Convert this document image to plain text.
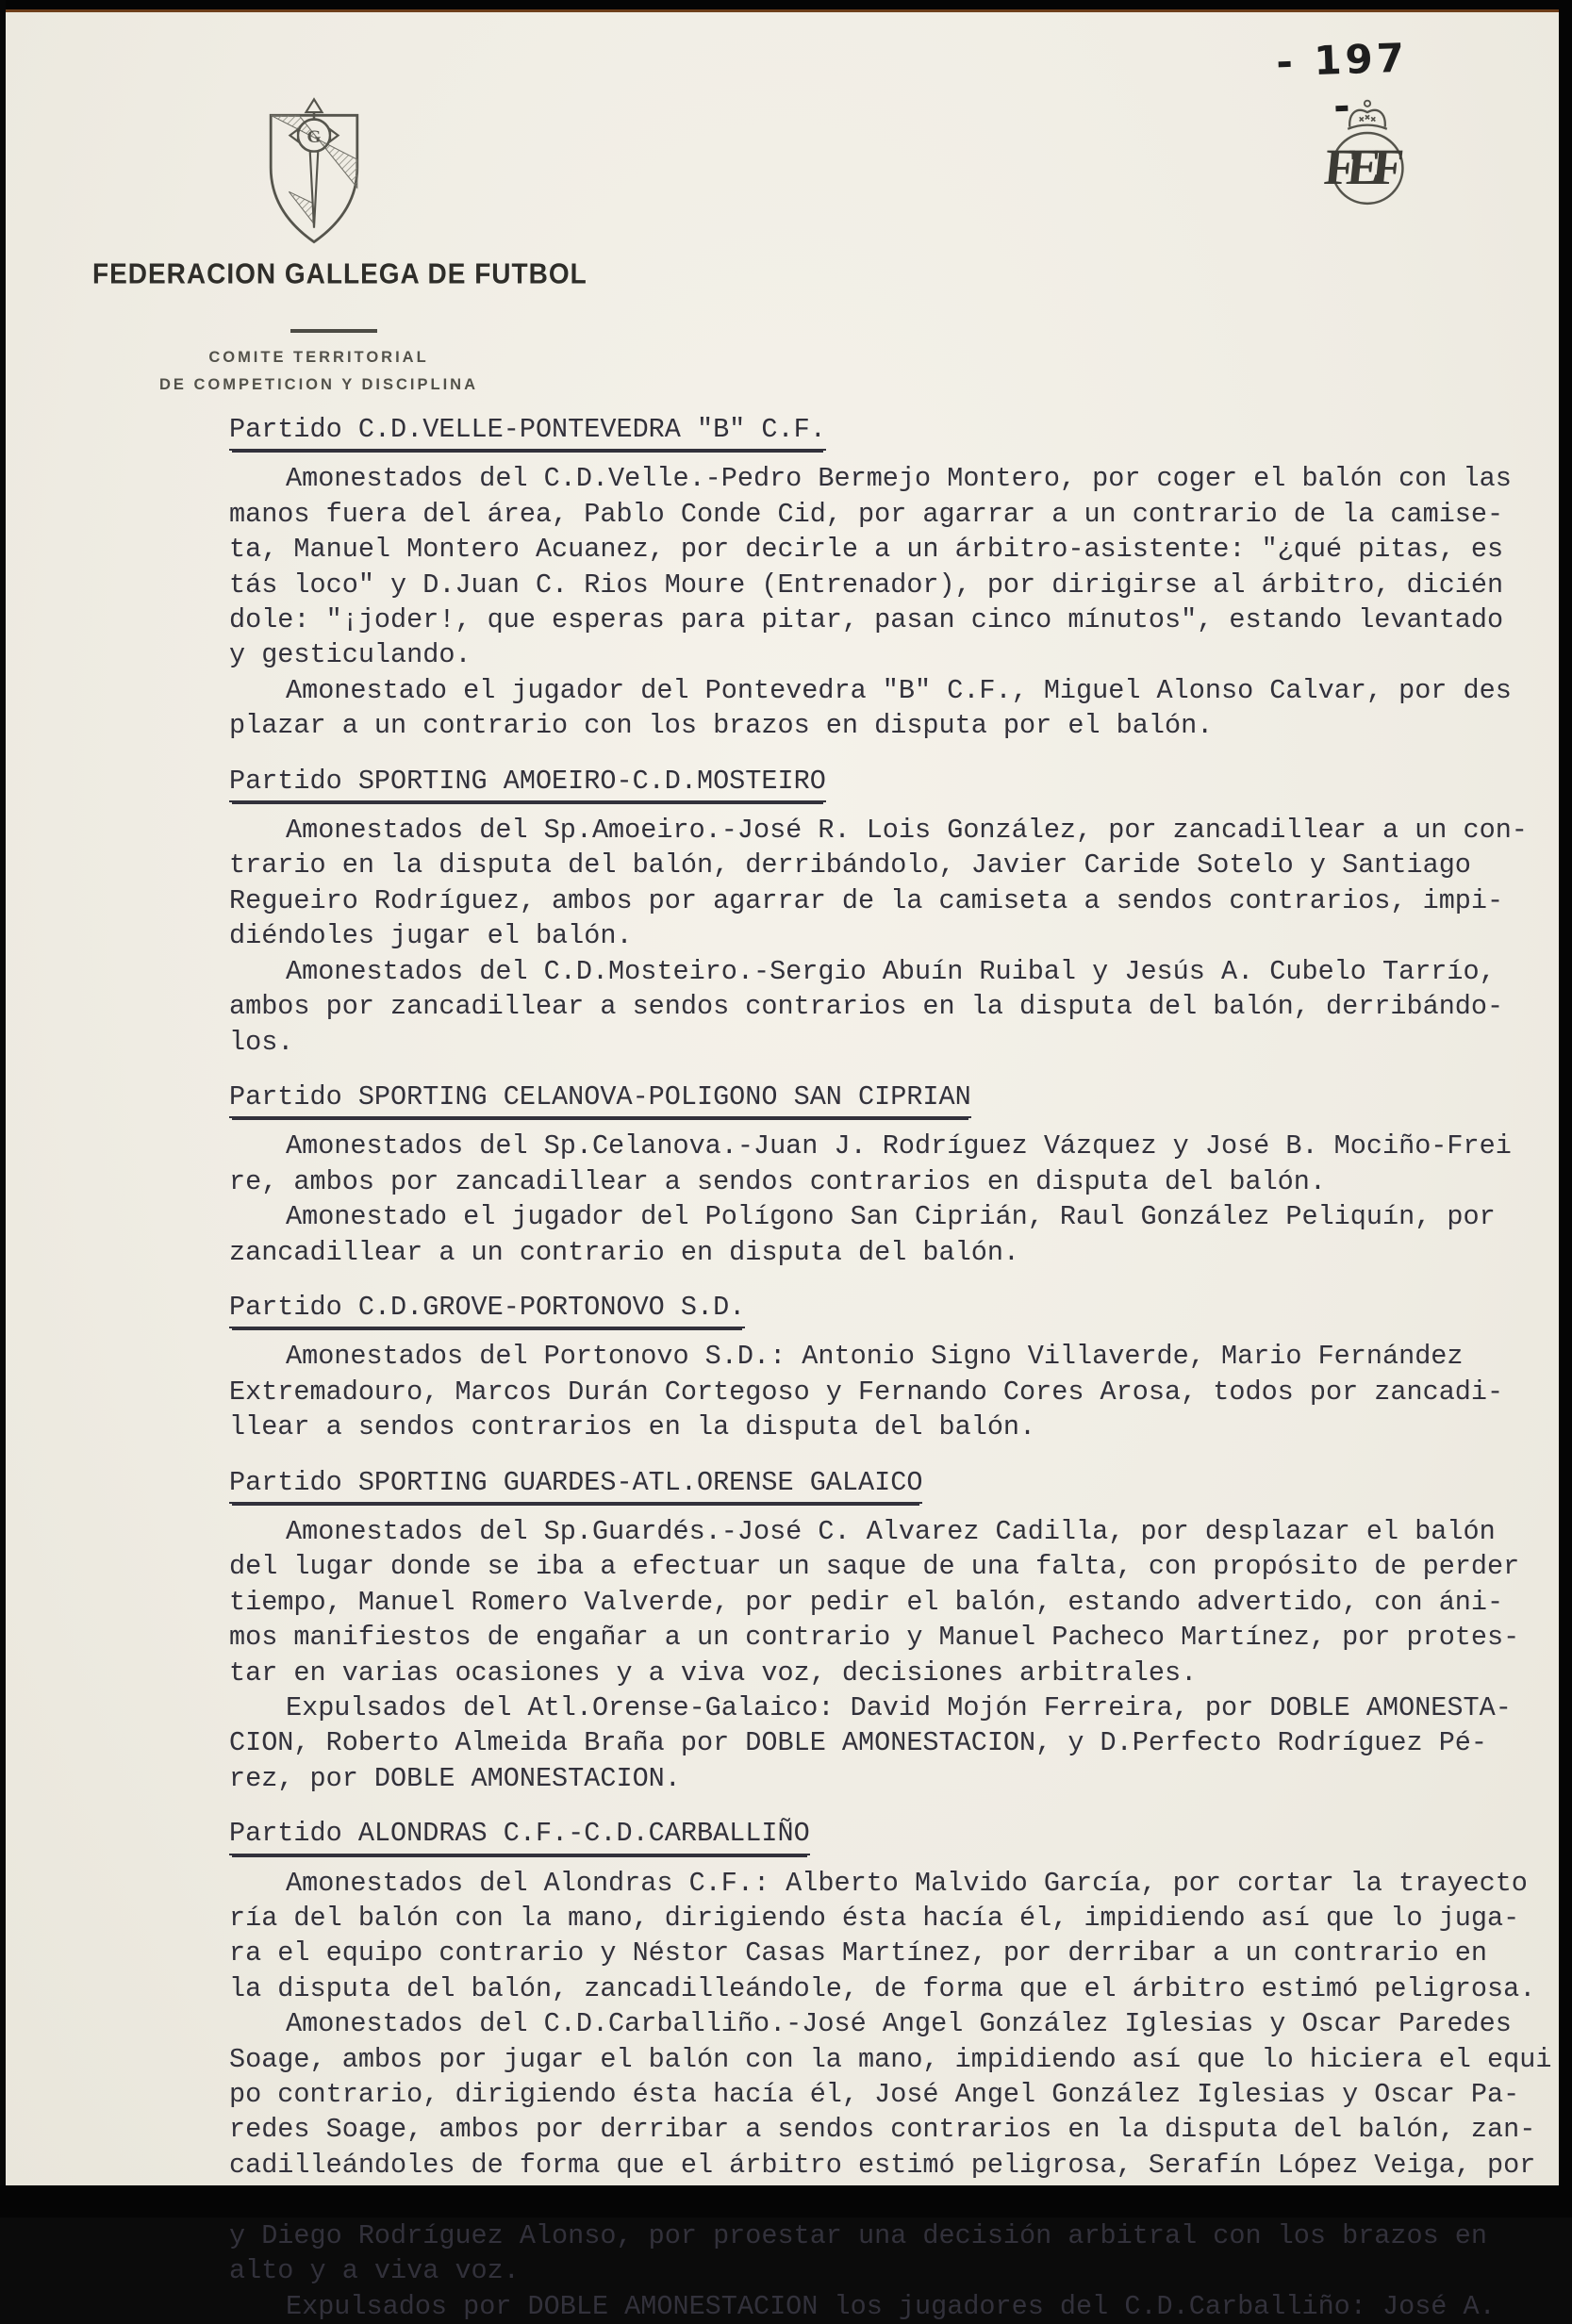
G
FEDERACION GALLEGA DE FUTBOL
COMITE TERRITORIAL
DE COMPETICION Y DISCIPLINA
- 197 -
FEF
Partido C.D.VELLE-PONTEVEDRA "B" C.F.
Amonestados del C.D.Velle.-Pedro Bermejo Montero, por coger el balón con las
manos fuera del área, Pablo Conde Cid, por agarrar a un contrario de la camise-
ta, Manuel Montero Acuanez, por decirle a un árbitro-asistente: "¿qué pitas, es
tás loco" y D.Juan C. Rios Moure (Entrenador), por dirigirse al árbitro, dicién
dole: "¡joder!, que esperas para pitar, pasan cinco mínutos", estando levantado
y gesticulando.
Amonestado el jugador del Pontevedra "B" C.F., Miguel Alonso Calvar, por des
plazar a un contrario con los brazos en disputa por el balón.
Partido SPORTING AMOEIRO-C.D.MOSTEIRO
Amonestados del Sp.Amoeiro.-José R. Lois González, por zancadillear a un con-
trario en la disputa del balón, derribándolo, Javier Caride Sotelo y Santiago
Regueiro Rodríguez, ambos por agarrar de la camiseta a sendos contrarios, impi-
diéndoles jugar el balón.
Amonestados del C.D.Mosteiro.-Sergio Abuín Ruibal y Jesús A. Cubelo Tarrío,
ambos por zancadillear a sendos contrarios en la disputa del balón, derribándo-
los.
Partido SPORTING CELANOVA-POLIGONO SAN CIPRIAN
Amonestados del Sp.Celanova.-Juan J. Rodríguez Vázquez y José B. Mociño-Frei
re, ambos por zancadillear a sendos contrarios en disputa del balón.
Amonestado el jugador del Polígono San Ciprián, Raul González Peliquín, por
zancadillear a un contrario en disputa del balón.
Partido C.D.GROVE-PORTONOVO S.D.
Amonestados del Portonovo S.D.: Antonio Signo Villaverde, Mario Fernández
Extremadouro, Marcos Durán Cortegoso y Fernando Cores Arosa, todos por zancadi-
llear a sendos contrarios en la disputa del balón.
Partido SPORTING GUARDES-ATL.ORENSE GALAICO
Amonestados del Sp.Guardés.-José C. Alvarez Cadilla, por desplazar el balón
del lugar donde se iba a efectuar un saque de una falta, con propósito de perder
tiempo, Manuel Romero Valverde, por pedir el balón, estando advertido, con áni-
mos manifiestos de engañar a un contrario y Manuel Pacheco Martínez, por protes-
tar en varias ocasiones y a viva voz, decisiones arbitrales.
Expulsados del Atl.Orense-Galaico: David Mojón Ferreira, por DOBLE AMONESTA-
CION, Roberto Almeida Braña por DOBLE AMONESTACION, y D.Perfecto Rodríguez Pé-
rez, por DOBLE AMONESTACION.
Partido ALONDRAS C.F.-C.D.CARBALLIÑO
Amonestados del Alondras C.F.: Alberto Malvido García, por cortar la trayecto
ría del balón con la mano, dirigiendo ésta hacía él, impidiendo así que lo juga-
ra el equipo contrario y Néstor Casas Martínez, por derribar a un contrario en
la disputa del balón, zancadilleándole, de forma que el árbitro estimó peligrosa.
Amonestados del C.D.Carballiño.-José Angel González Iglesias y Oscar Paredes
Soage, ambos por jugar el balón con la mano, impidiendo así que lo hiciera el equi
po contrario, dirigiendo ésta hacía él, José Angel González Iglesias y Oscar Pa-
redes Soage, ambos por derribar a sendos contrarios en la disputa del balón, zan-
cadilleándoles de forma que el árbitro estimó peligrosa, Serafín López Veiga, por
y Diego Rodríguez Alonso, por proestar una decisión arbitral con los brazos en
alto y a viva voz.
Expulsados por DOBLE AMONESTACION los jugadores del C.D.Carballiño: José A.
